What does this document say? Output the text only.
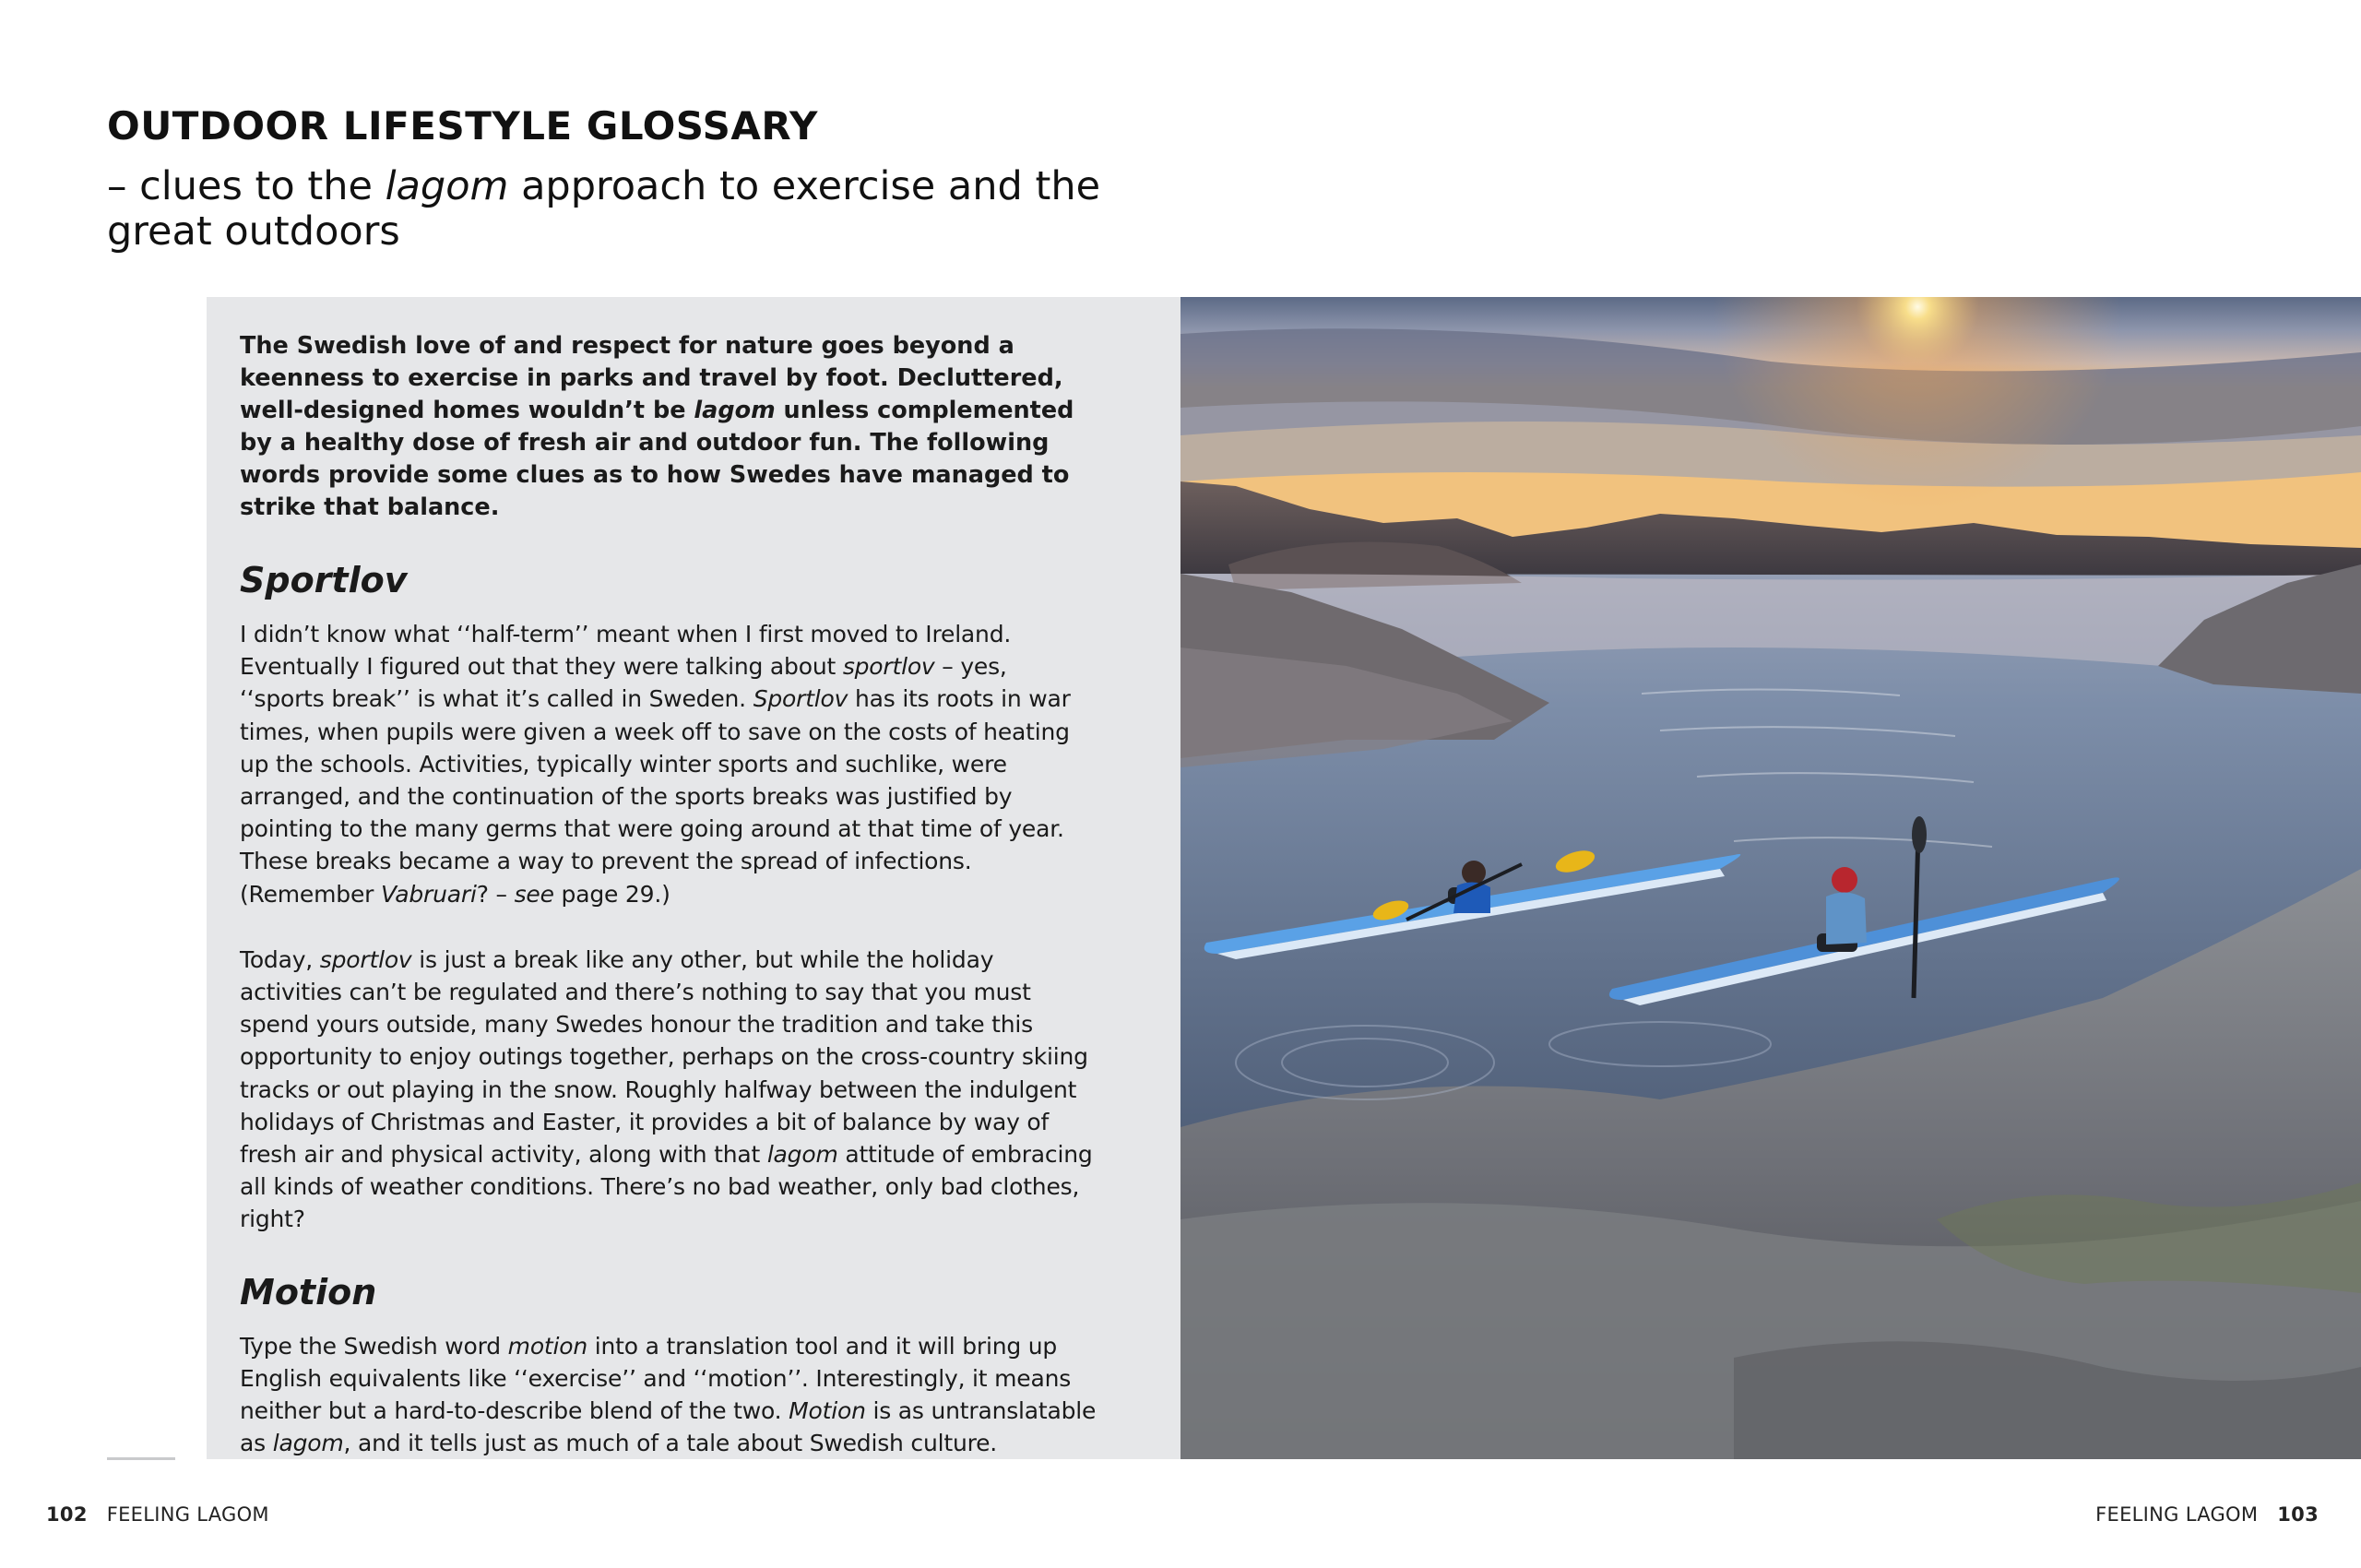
OUTDOOR LIFESTYLE GLOSSARY
– clues to the lagom approach to exercise and the great outdoors

The Swedish love of and respect for nature goes beyond a keenness to exercise in parks and travel by foot. Decluttered, well-designed homes wouldn’t be lagom unless complemented by a healthy dose of fresh air and outdoor fun. The following words provide some clues as to how Swedes have managed to strike that balance.

Sportlov

I didn’t know what ‘‘half-term’’ meant when I first moved to Ireland. Eventually I figured out that they were talking about sportlov – yes, ‘‘sports break’’ is what it’s called in Sweden. Sportlov has its roots in war times, when pupils were given a week off to save on the costs of heating up the schools. Activities, typically winter sports and suchlike, were arranged, and the continuation of the sports breaks was justified by pointing to the many germs that were going around at that time of year. These breaks became a way to prevent the spread of infections. (Remember Vabruari? – see page 29.)

Today, sportlov is just a break like any other, but while the holiday activities can’t be regulated and there’s nothing to say that you must spend yours outside, many Swedes honour the tradition and take this opportunity to enjoy outings together, perhaps on the cross-country skiing tracks or out playing in the snow. Roughly halfway between the indulgent holidays of Christmas and Easter, it provides a bit of balance by way of fresh air and physical activity, along with that lagom attitude of embracing all kinds of weather conditions. There’s no bad weather, only bad clothes, right?

Motion

Type the Swedish word motion into a translation tool and it will bring up English equivalents like ‘‘exercise’’ and ‘‘motion’’. Interestingly, it means neither but a hard-to-describe blend of the two. Motion is as untranslatable as lagom, and it tells just as much of a tale about Swedish culture.

102 FEELING LAGOM	FEELING LAGOM 103
